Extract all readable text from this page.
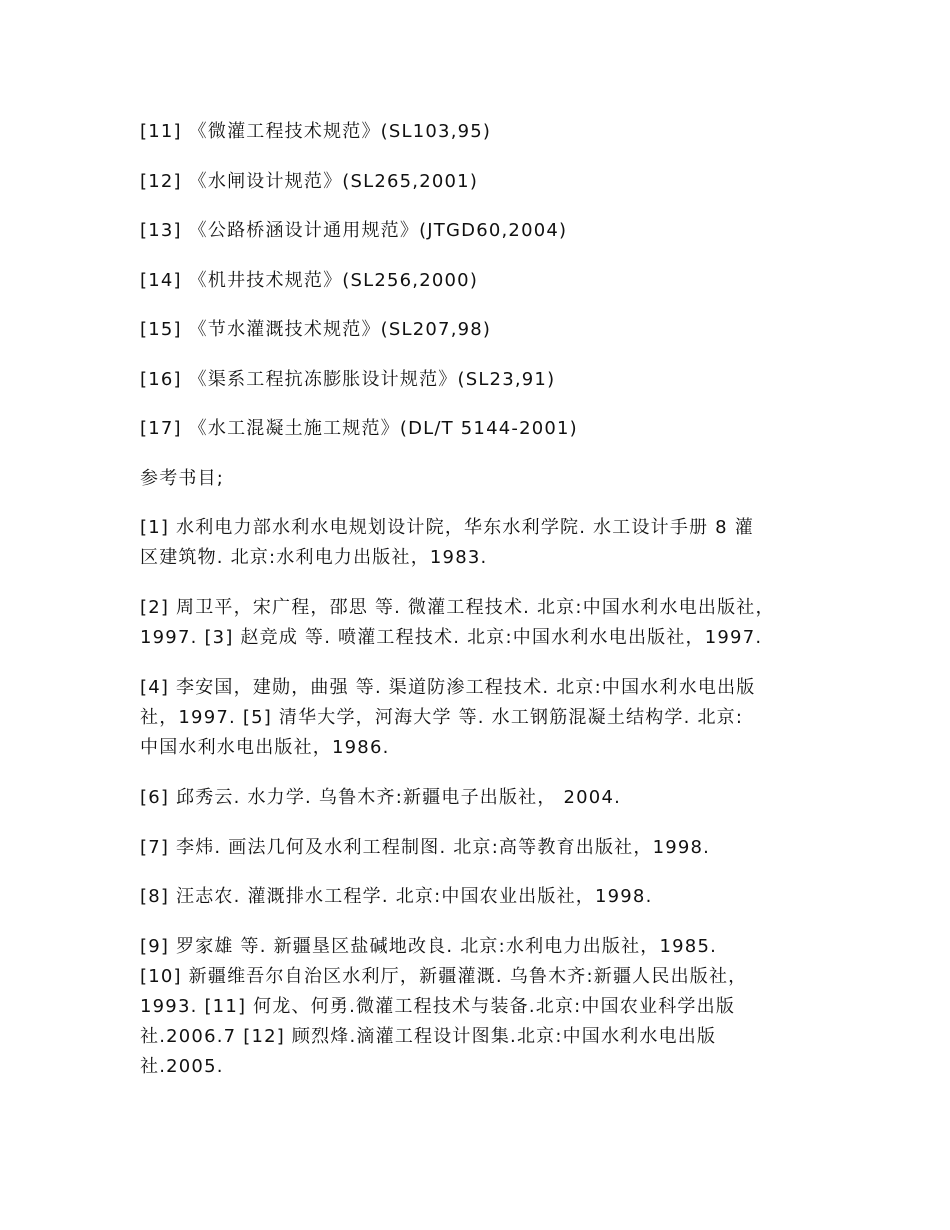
[11] 《微灌工程技术规范》(SL103,95)

[12] 《水闸设计规范》(SL265,2001)

[13] 《公路桥涵设计通用规范》(JTGD60,2004)

[14] 《机井技术规范》(SL256,2000)

[15] 《节水灌溉技术规范》(SL207,98)

[16] 《渠系工程抗冻膨胀设计规范》(SL23,91)

[17] 《水工混凝土施工规范》(DL/T 5144-2001)

参考书目;

[1] 水利电力部水利水电规划设计院，华东水利学院. 水工设计手册 8 灌

区建筑物. 北京:水利电力出版社，1983.

[2] 周卫平，宋广程，邵思 等. 微灌工程技术. 北京:中国水利水电出版社，

1997. [3] 赵竞成 等. 喷灌工程技术. 北京:中国水利水电出版社，1997.

[4] 李安国，建勋，曲强 等. 渠道防渗工程技术. 北京:中国水利水电出版

社，1997. [5] 清华大学，河海大学 等. 水工钢筋混凝土结构学. 北京:

中国水利水电出版社，1986.

[6] 邱秀云. 水力学. 乌鲁木齐:新疆电子出版社， 2004.

[7] 李炜. 画法几何及水利工程制图. 北京:高等教育出版社，1998.

[8] 汪志农. 灌溉排水工程学. 北京:中国农业出版社，1998.

[9] 罗家雄 等. 新疆垦区盐碱地改良. 北京:水利电力出版社，1985.

[10] 新疆维吾尔自治区水利厅，新疆灌溉. 乌鲁木齐:新疆人民出版社，

1993. [11] 何龙、何勇.微灌工程技术与装备.北京:中国农业科学出版

社.2006.7 [12] 顾烈烽.滴灌工程设计图集.北京:中国水利水电出版

社.2005.
